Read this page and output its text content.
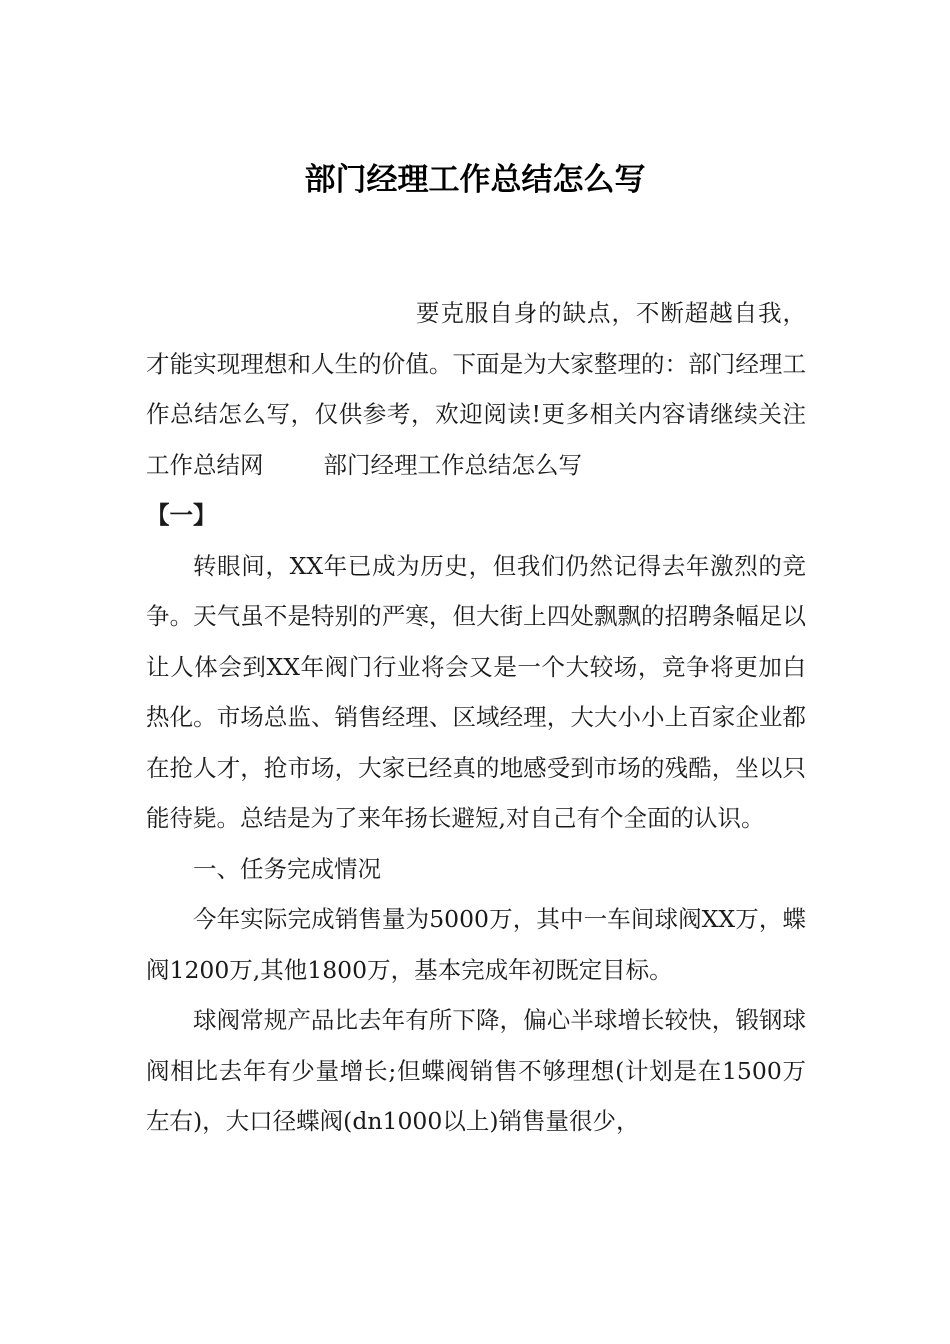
部门经理工作总结怎么写

要克服自身的缺点，不断超越自我，才能实现理想和人生的价值。下面是为大家整理的：部门经理工作总结怎么写，仅供参考，欢迎阅读!更多相关内容请继续关注工作总结网	部门经理工作总结怎么写
【一】

转眼间，XX年已成为历史，但我们仍然记得去年激烈的竞争。天气虽不是特别的严寒，但大街上四处飘飘的招聘条幅足以让人体会到XX年阀门行业将会又是一个大较场，竞争将更加白热化。市场总监、销售经理、区域经理，大大小小上百家企业都在抢人才，抢市场，大家已经真的地感受到市场的残酷，坐以只能待毙。总结是为了来年扬长避短,对自己有个全面的认识。

一、任务完成情况

今年实际完成销售量为5000万，其中一车间球阀XX万，蝶阀1200万,其他1800万，基本完成年初既定目标。

球阀常规产品比去年有所下降，偏心半球增长较快，锻钢球阀相比去年有少量增长;但蝶阀销售不够理想(计划是在1500万左右)，大口径蝶阀(dn1000以上)销售量很少，
